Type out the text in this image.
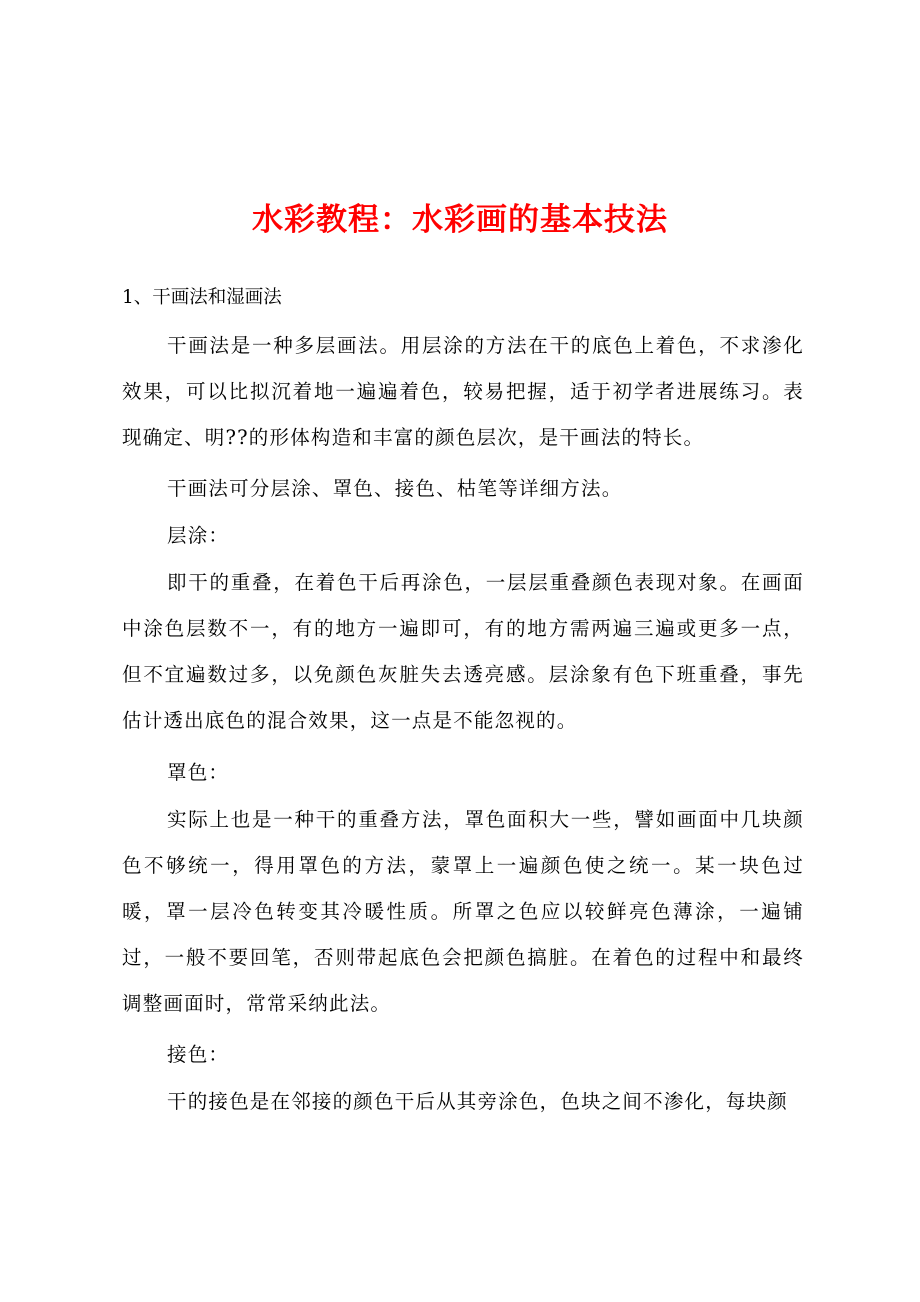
水彩教程：水彩画的基本技法

1、干画法和湿画法

干画法是一种多层画法。用层涂的方法在干的底色上着色，不求渗化效果，可以比拟沉着地一遍遍着色，较易把握，适于初学者进展练习。表现确定、明??的形体构造和丰富的颜色层次，是干画法的特长。

干画法可分层涂、罩色、接色、枯笔等详细方法。

层涂：

即干的重叠，在着色干后再涂色，一层层重叠颜色表现对象。在画面中涂色层数不一，有的地方一遍即可，有的地方需两遍三遍或更多一点，但不宜遍数过多，以免颜色灰脏失去透亮感。层涂象有色下班重叠，事先估计透出底色的混合效果，这一点是不能忽视的。

罩色：

实际上也是一种干的重叠方法，罩色面积大一些，譬如画面中几块颜色不够统一，得用罩色的方法，蒙罩上一遍颜色使之统一。某一块色过暖，罩一层冷色转变其冷暖性质。所罩之色应以较鲜亮色薄涂，一遍铺过，一般不要回笔，否则带起底色会把颜色搞脏。在着色的过程中和最终调整画面时，常常采纳此法。

接色：

干的接色是在邻接的颜色干后从其旁涂色，色块之间不渗化，每块颜
